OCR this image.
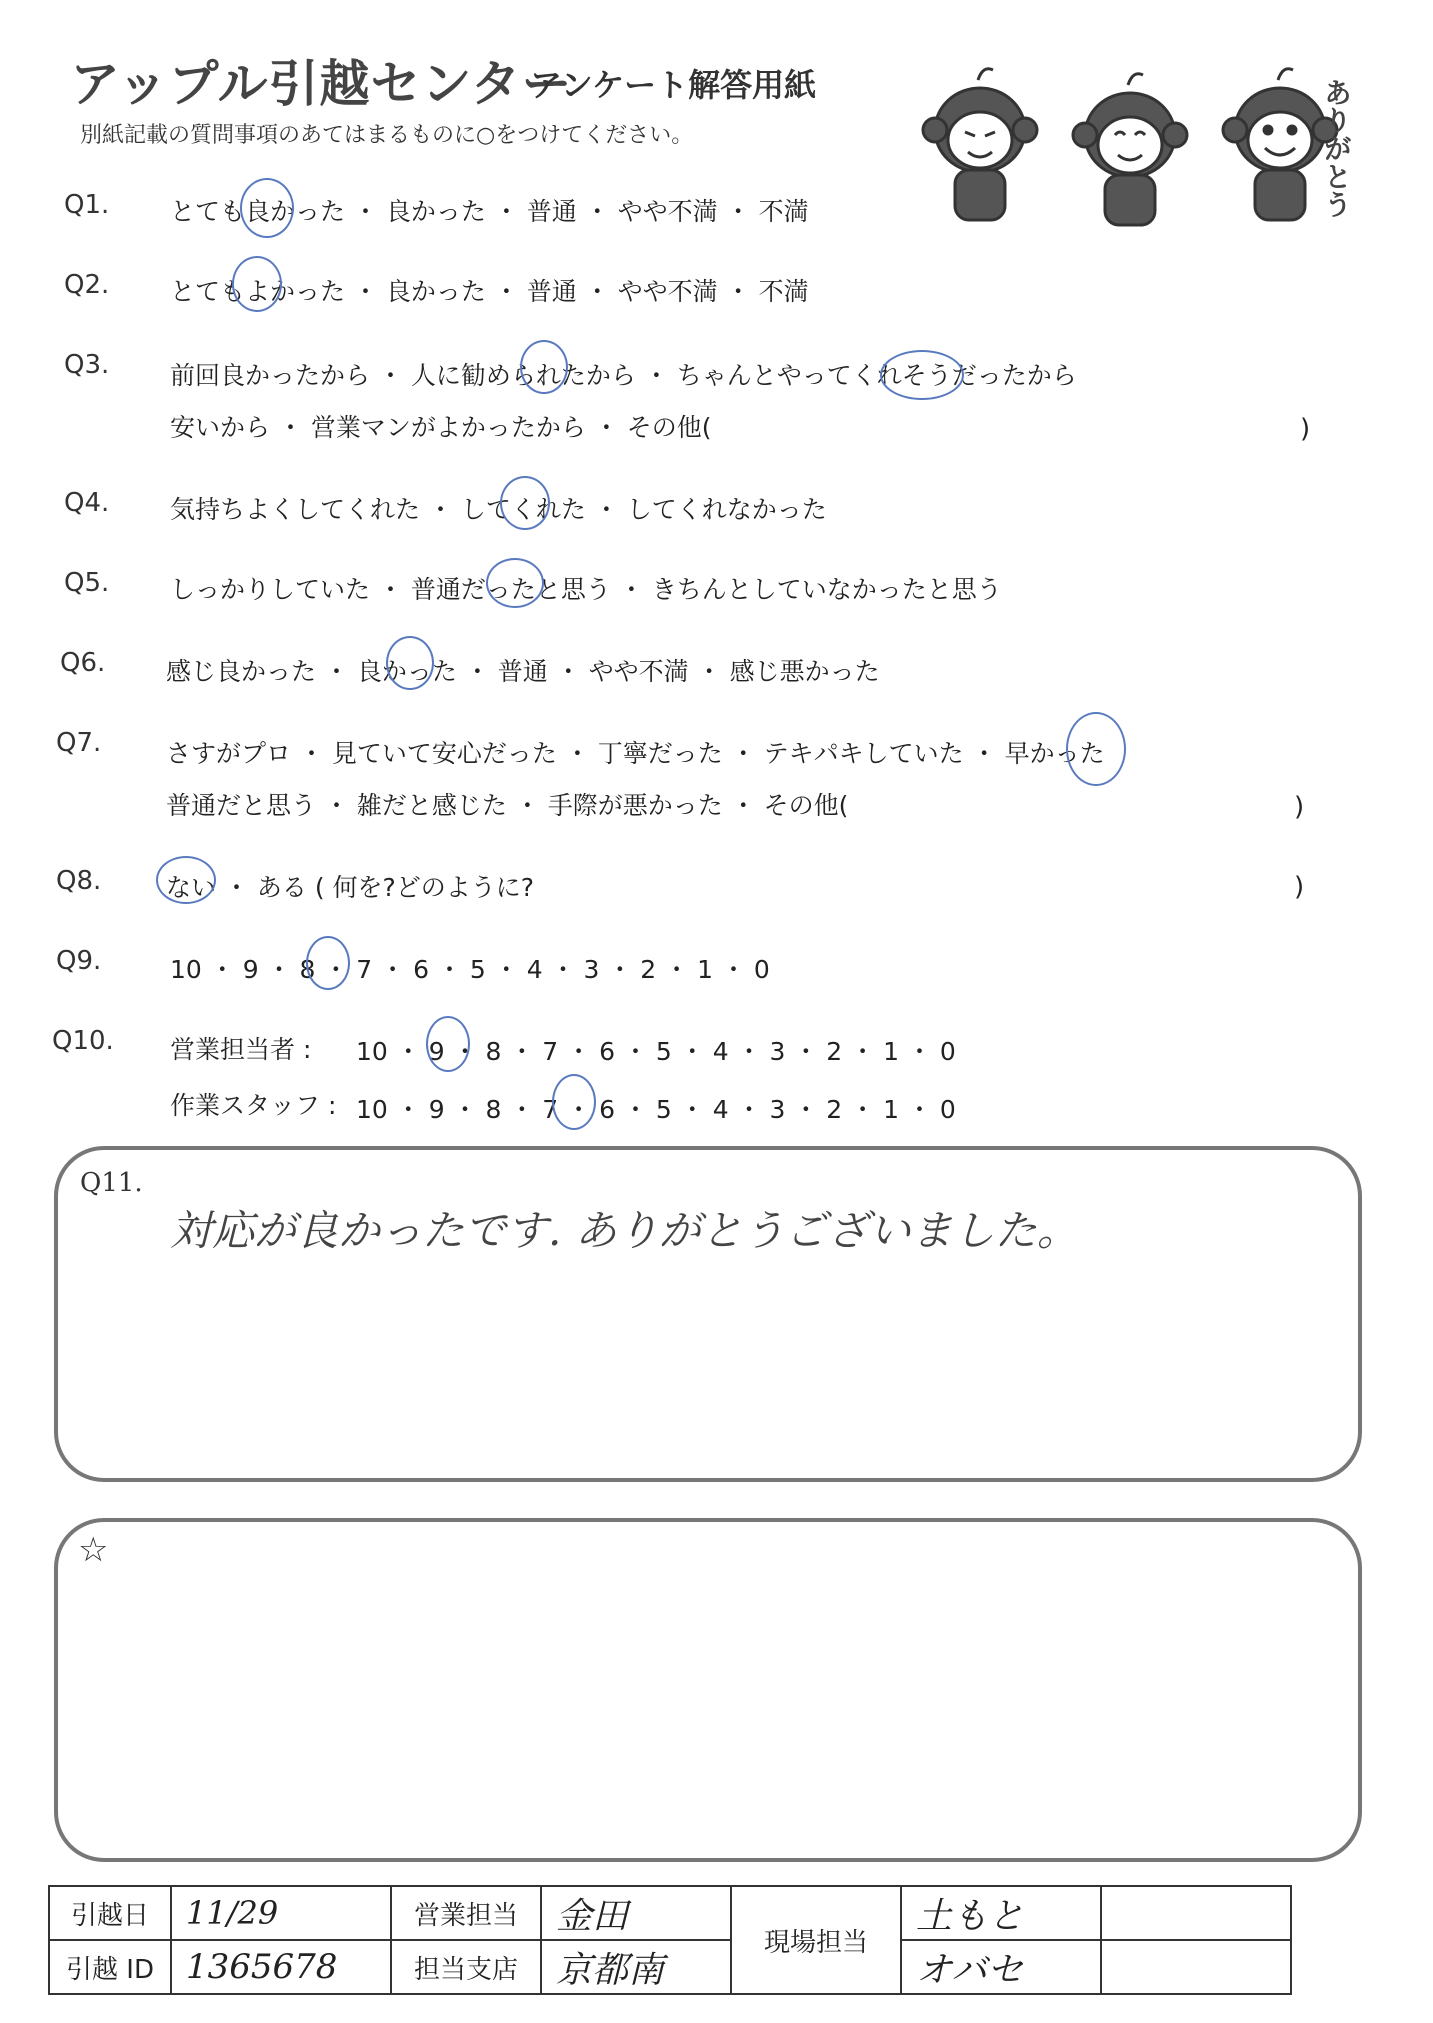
アップル引越センター
アンケート解答用紙
別紙記載の質問事項のあてはまるものに○をつけてください。	ありがとう
Q1. とても良かった ・ 良かった ・ 普通 ・ やや不満 ・ 不満
Q2. とてもよかった ・ 良かった ・ 普通 ・ やや不満 ・ 不満
Q3. 前回良かったから ・ 人に勧められたから ・ ちゃんとやってくれそうだったから
安いから ・ 営業マンがよかったから ・ その他(	)
Q4. 気持ちよくしてくれた ・ してくれた ・ してくれなかった
Q5. しっかりしていた ・ 普通だったと思う ・ きちんとしていなかったと思う
Q6. 感じ良かった ・ 良かった ・ 普通 ・ やや不満 ・ 感じ悪かった
Q7.	さすがプロ ・ 見ていて安心だった ・ 丁寧だった ・ テキパキしていた ・ 早かった
普通だと思う ・ 雑だと感じた ・ 手際が悪かった ・ その他(	)
Q8.	ない ・ ある ( 何を?どのように?	)
Q9.	10 ・ 9 ・ 8 ・ 7 ・ 6 ・ 5 ・ 4 ・ 3 ・ 2 ・ 1 ・ 0
Q10. 営業担当者 : 10 ・ 9 ・ 8 ・ 7 ・ 6 ・ 5 ・ 4 ・ 3 ・ 2 ・ 1 ・ 0
作業スタッフ : 10 ・ 9 ・ 8 ・ 7 ・ 6 ・ 5 ・ 4 ・ 3 ・ 2 ・ 1 ・ 0
Q11.
対応が良かったです. ありがとうございました。
☆
引越日	11/29	営業担当	金田	現場担当	土もと	
引越 ID	1365678	担当支店	京都南		オバセ	
